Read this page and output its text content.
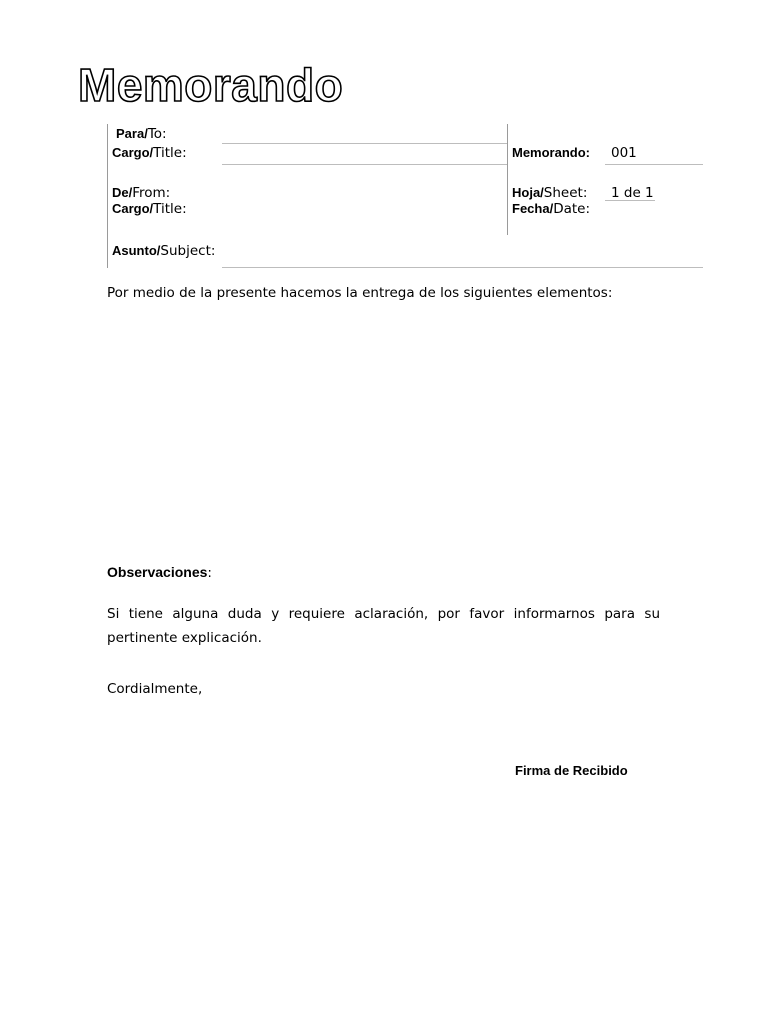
Memorando
Para/To:
Cargo/Title:
De/From:
Cargo/Title:
Asunto/Subject:
Memorando: 001
Hoja/Sheet: 1 de 1
Fecha/Date:
Por medio de la presente hacemos la entrega de los siguientes elementos:
Observaciones:
Si tiene alguna duda y requiere aclaración, por favor informarnos para su pertinente explicación.
Cordialmente,
Firma de Recibido
